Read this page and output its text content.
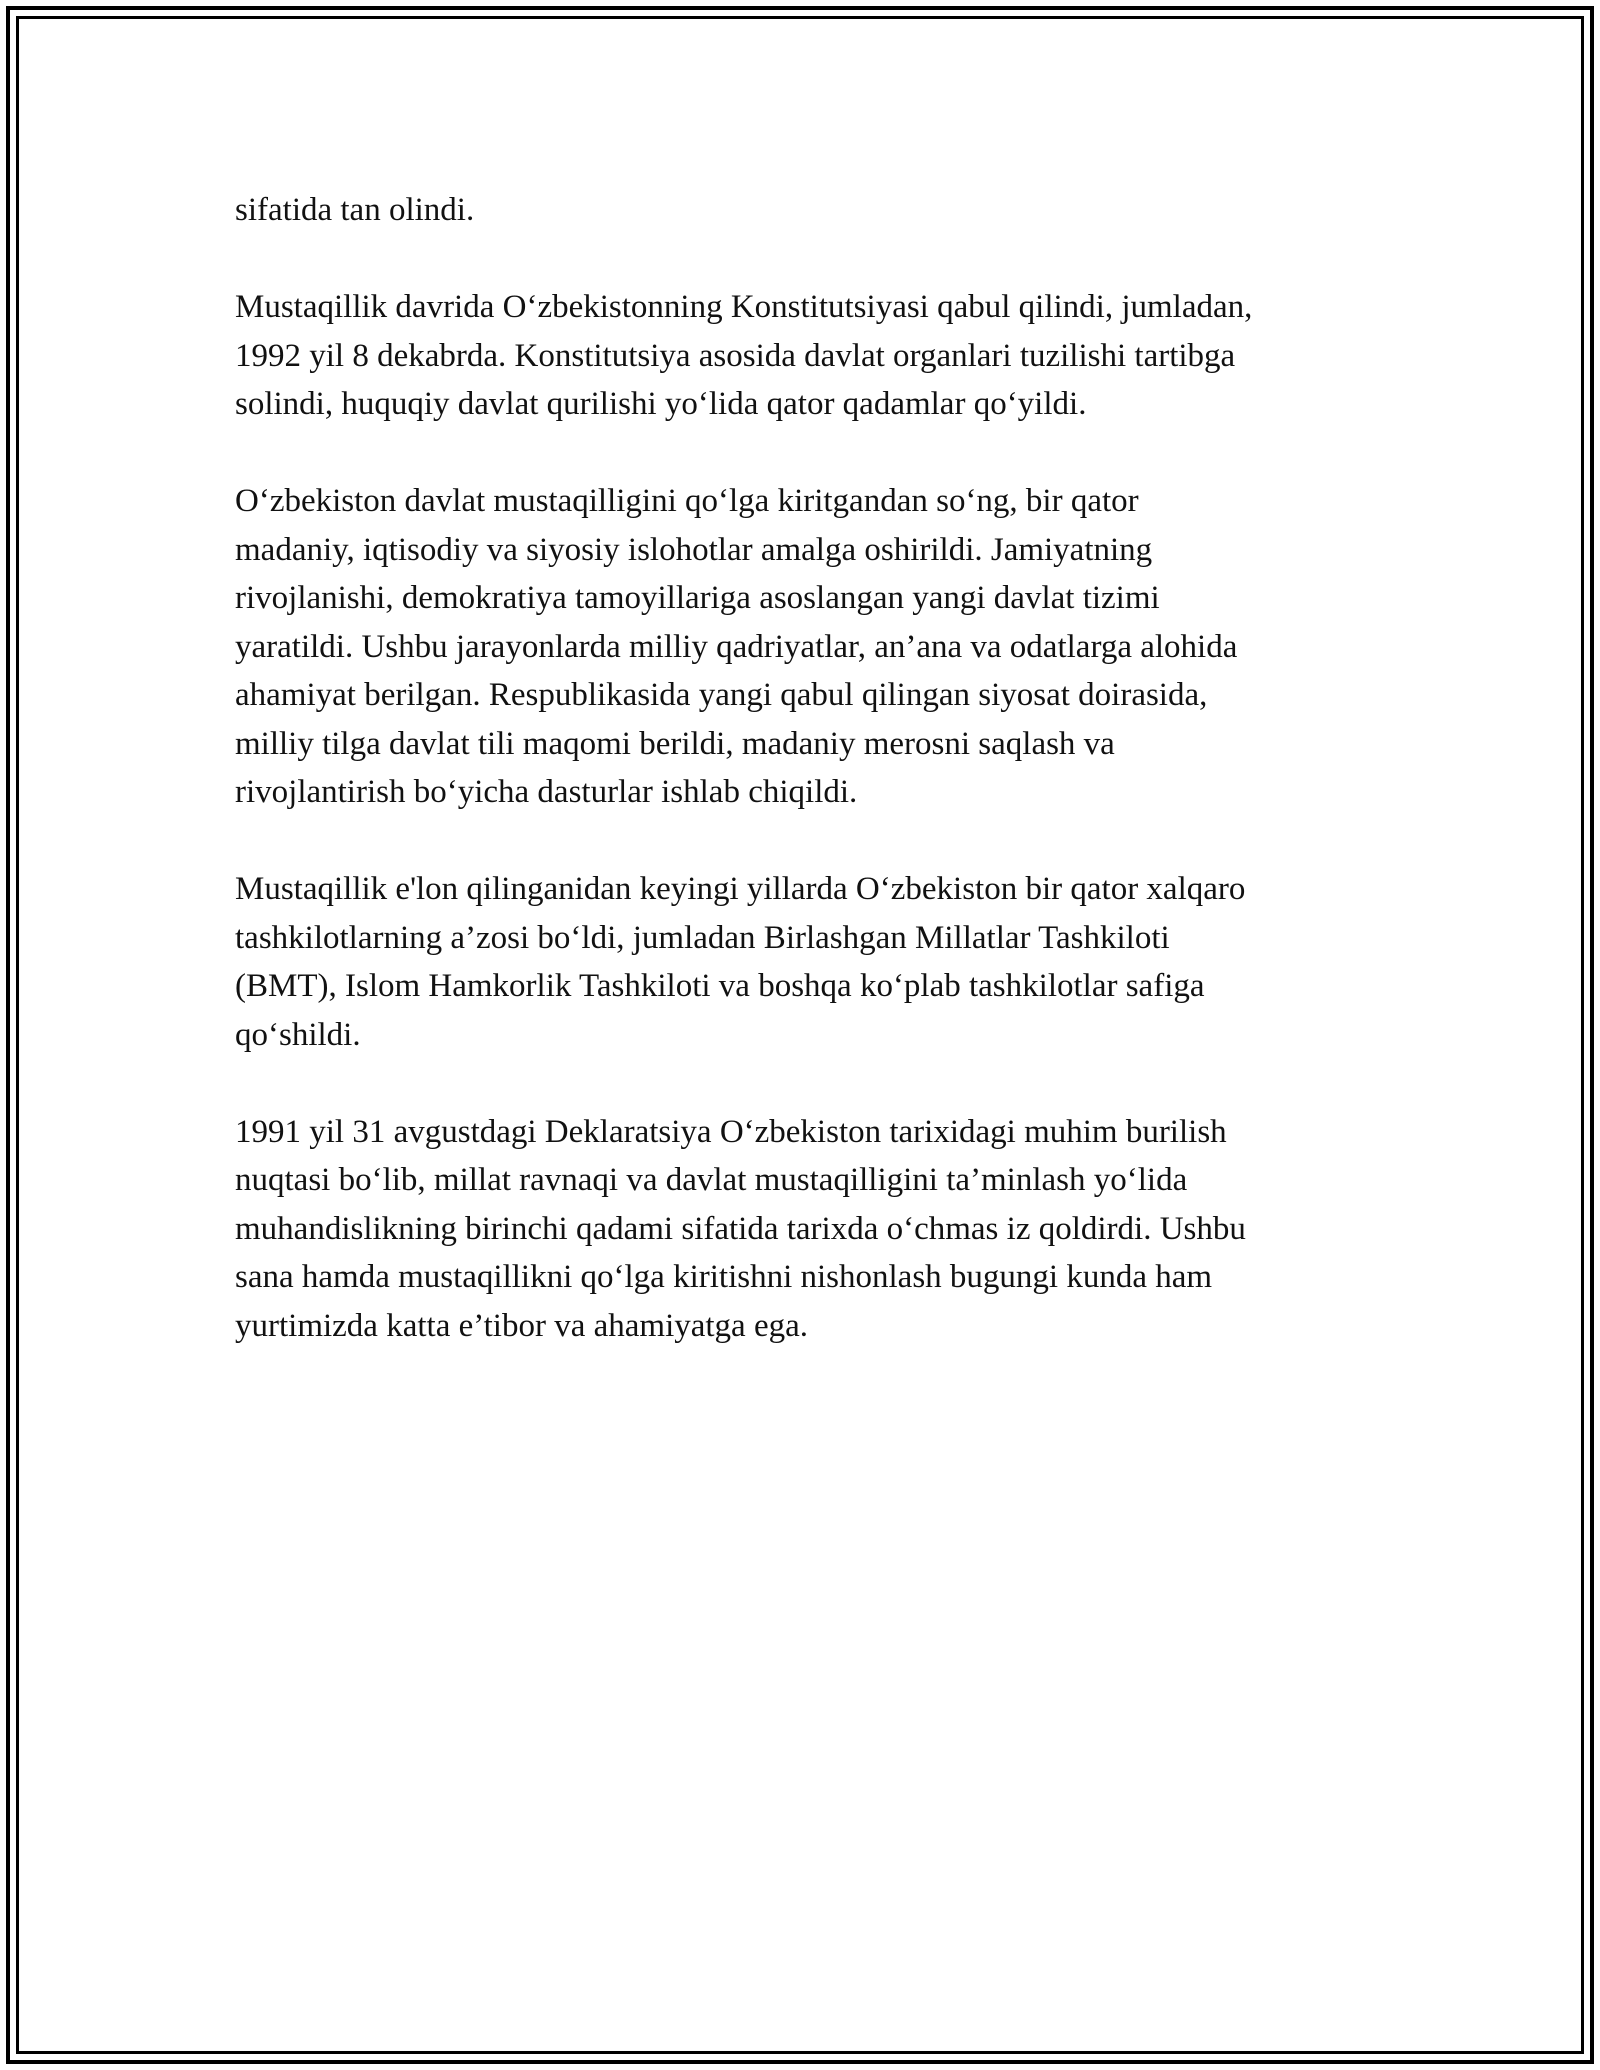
sifatida tan olindi.

Mustaqillik davrida O‘zbekistonning Konstitutsiyasi qabul qilindi, jumladan,
1992 yil 8 dekabrda. Konstitutsiya asosida davlat organlari tuzilishi tartibga
solindi, huquqiy davlat qurilishi yo‘lida qator qadamlar qo‘yildi.

O‘zbekiston davlat mustaqilligini qo‘lga kiritgandan so‘ng, bir qator
madaniy, iqtisodiy va siyosiy islohotlar amalga oshirildi. Jamiyatning
rivojlanishi, demokratiya tamoyillariga asoslangan yangi davlat tizimi
yaratildi. Ushbu jarayonlarda milliy qadriyatlar, an’ana va odatlarga alohida
ahamiyat berilgan. Respublikasida yangi qabul qilingan siyosat doirasida,
milliy tilga davlat tili maqomi berildi, madaniy merosni saqlash va
rivojlantirish bo‘yicha dasturlar ishlab chiqildi.

Mustaqillik e'lon qilinganidan keyingi yillarda O‘zbekiston bir qator xalqaro
tashkilotlarning a’zosi bo‘ldi, jumladan Birlashgan Millatlar Tashkiloti
(BMT), Islom Hamkorlik Tashkiloti va boshqa ko‘plab tashkilotlar safiga
qo‘shildi.

1991 yil 31 avgustdagi Deklaratsiya O‘zbekiston tarixidagi muhim burilish
nuqtasi bo‘lib, millat ravnaqi va davlat mustaqilligini ta’minlash yo‘lida
muhandislikning birinchi qadami sifatida tarixda o‘chmas iz qoldirdi. Ushbu
sana hamda mustaqillikni qo‘lga kiritishni nishonlash bugungi kunda ham
yurtimizda katta e’tibor va ahamiyatga ega.
